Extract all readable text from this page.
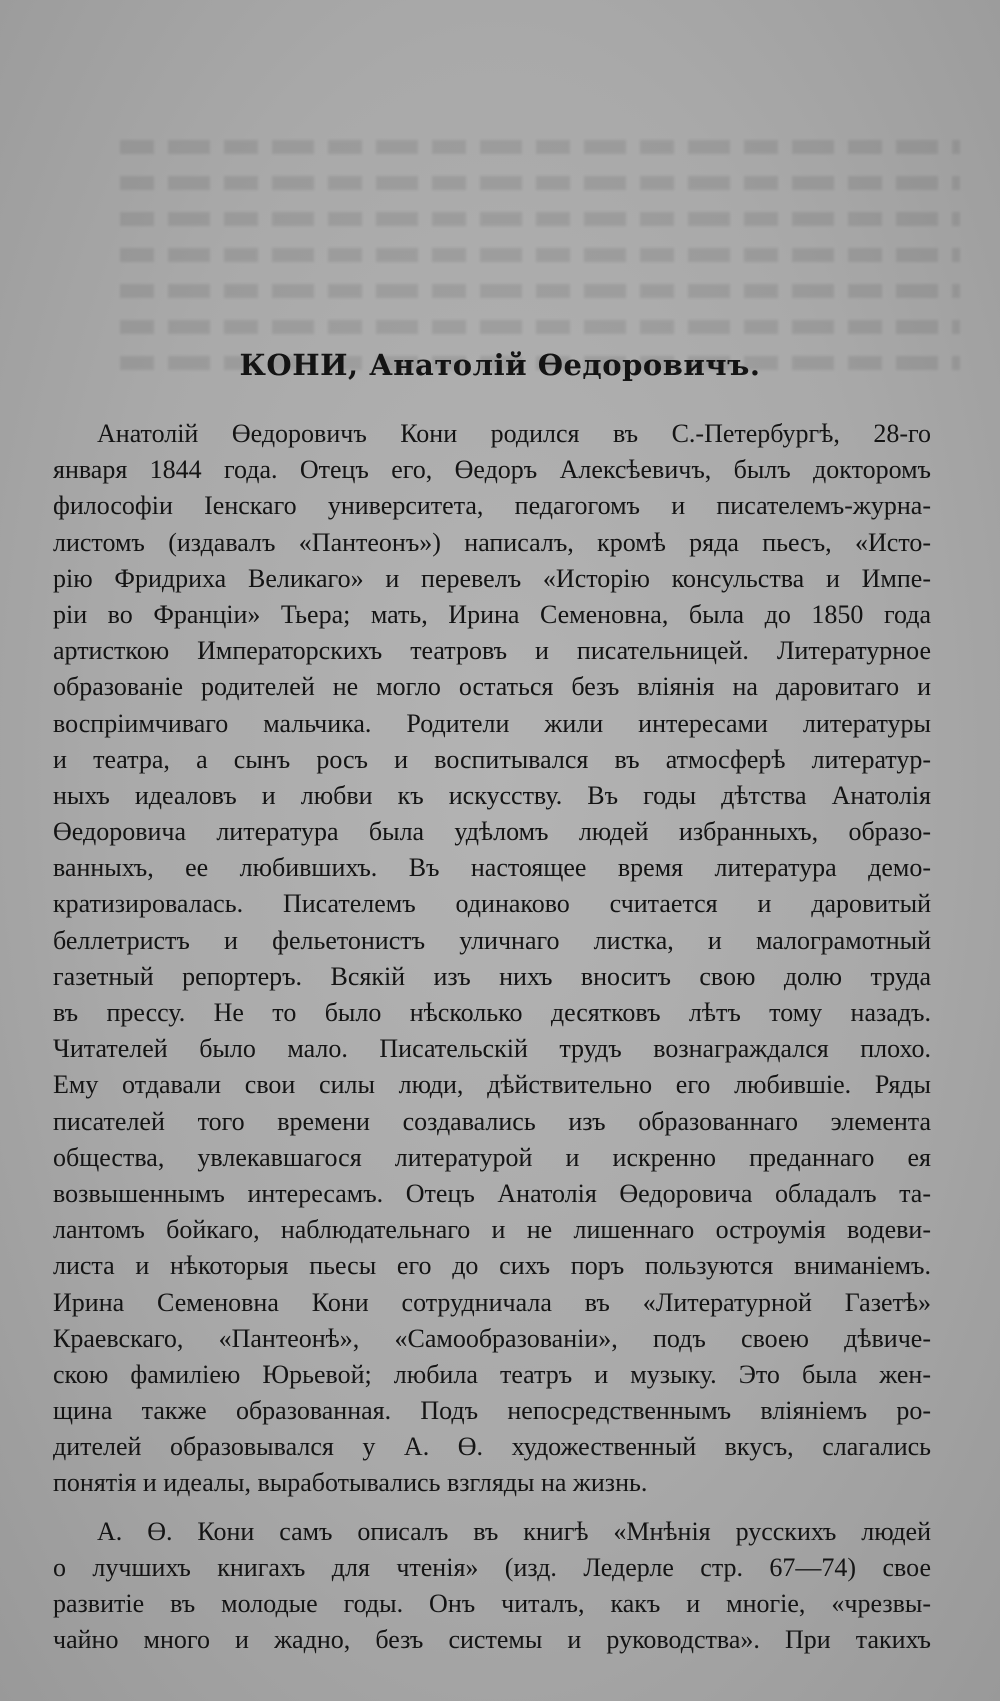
КОНИ, Анатолій Өедоровичъ.
Анатолій Өедоровичъ Кони родился въ С.-Петербургѣ, 28-го
января 1844 года. Отецъ его, Өедоръ Алексѣевичъ, былъ докторомъ
философіи Іенскаго университета, педагогомъ и писателемъ-журна-
листомъ (издавалъ «Пантеонъ») написалъ, кромѣ ряда пьесъ, «Исто-
рію Фридриха Великаго» и перевелъ «Исторію консульства и Импе-
ріи во Франціи» Тьера; мать, Ирина Семеновна, была до 1850 года
артисткою Императорскихъ театровъ и писательницей. Литературное
образованіе родителей не могло остаться безъ вліянія на даровитаго и
воспріимчиваго мальчика. Родители жили интересами литературы
и театра, а сынъ росъ и воспитывался въ атмосферѣ литератур-
ныхъ идеаловъ и любви къ искусству. Въ годы дѣтства Анатолія
Өедоровича литература была удѣломъ людей избранныхъ, образо-
ванныхъ, ее любившихъ. Въ настоящее время литература демо-
кратизировалась. Писателемъ одинаково считается и даровитый
беллетристъ и фельетонистъ уличнаго листка, и малограмотный
газетный репортеръ. Всякій изъ нихъ вноситъ свою долю труда
въ прессу. Не то было нѣсколько десятковъ лѣтъ тому назадъ.
Читателей было мало. Писательскій трудъ вознаграждался плохо.
Ему отдавали свои силы люди, дѣйствительно его любившіе. Ряды
писателей того времени создавались изъ образованнаго элемента
общества, увлекавшагося литературой и искренно преданнаго ея
возвышеннымъ интересамъ. Отецъ Анатолія Өедоровича обладалъ та-
лантомъ бойкаго, наблюдательнаго и не лишеннаго остроумія водеви-
листа и нѣкоторыя пьесы его до сихъ поръ пользуются вниманіемъ.
Ирина Семеновна Кони сотрудничала въ «Литературной Газетѣ»
Краевскаго, «Пантеонѣ», «Самообразованіи», подъ своею дѣвиче-
скою фамиліею Юрьевой; любила театръ и музыку. Это была жен-
щина также образованная. Подъ непосредственнымъ вліяніемъ ро-
дителей образовывался у А. Ө. художественный вкусъ, слагались
понятія и идеалы, выработывались взгляды на жизнь.
А. Ө. Кони самъ описалъ въ книгѣ «Мнѣнія русскихъ людей
о лучшихъ книгахъ для чтенія» (изд. Ледерле стр. 67—74) свое
развитіе въ молодые годы. Онъ читалъ, какъ и многіе, «чрезвы-
чайно много и жадно, безъ системы и руководства». При такихъ
